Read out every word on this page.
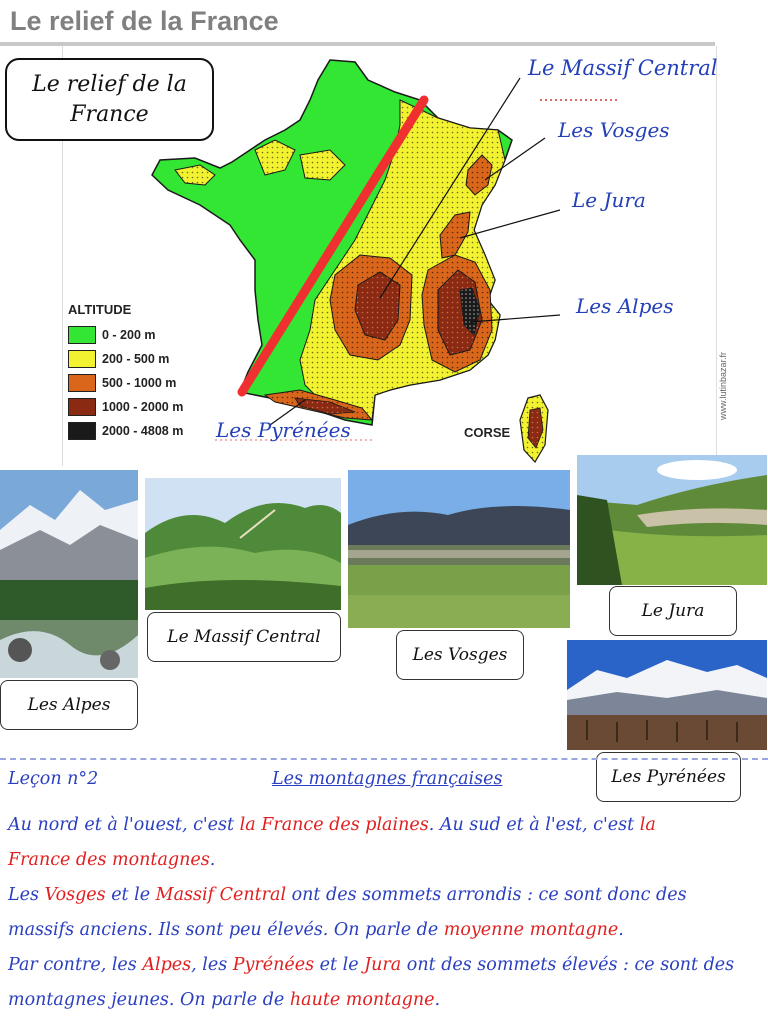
Le relief de la France
Le relief de la France
Le Massif Central
Les Vosges
Le Jura
Les Alpes
Les Pyrénées	CORSE
ALTITUDE
0 - 200 m
200 - 500 m
500 - 1000 m
1000 - 2000 m
2000 - 4808 m
www.lutinbazar.fr
Les Alpes
Le Massif Central
Les Vosges
Le Jura
Les Pyrénées
Leçon n°2	Les montagnes françaises
Au nord et à l'ouest, c'est la France des plaines. Au sud et à l'est, c'est la
France des montagnes.
Les Vosges et le Massif Central ont des sommets arrondis : ce sont donc des
massifs anciens. Ils sont peu élevés. On parle de moyenne montagne.
Par contre, les Alpes, les Pyrénées et le Jura ont des sommets élevés : ce sont des
montagnes jeunes. On parle de haute montagne.
